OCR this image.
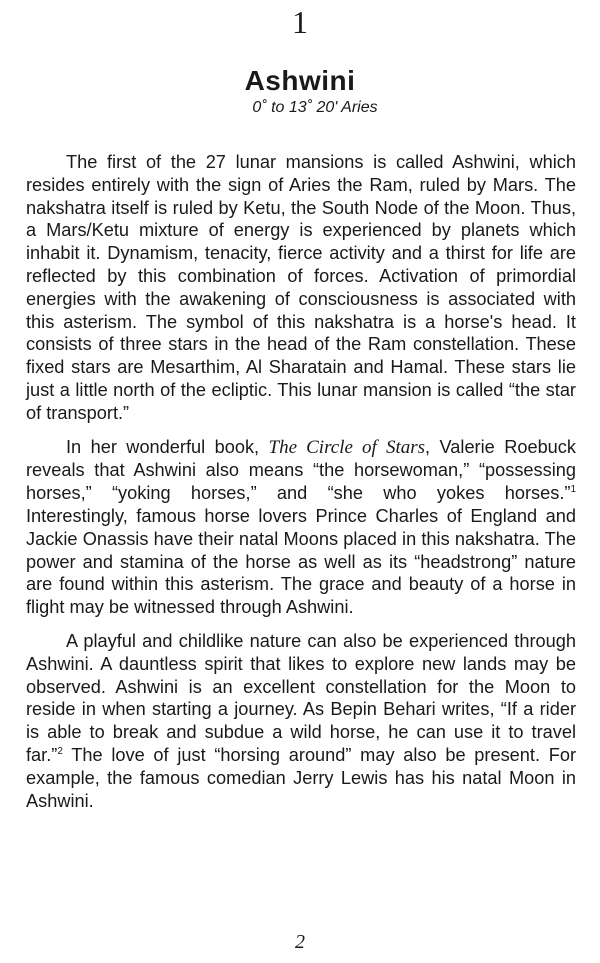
1
Ashwini
0˚ to 13˚ 20' Aries

The first of the 27 lunar mansions is called Ashwini, which resides entirely with the sign of Aries the Ram, ruled by Mars. The nakshatra itself is ruled by Ketu, the South Node of the Moon. Thus, a Mars/Ketu mixture of energy is experienced by planets which inhabit it. Dynamism, tenacity, fierce activity and a thirst for life are reflected by this combination of forces. Activation of primordial energies with the awakening of consciousness is associated with this asterism. The symbol of this nakshatra is a horse's head. It consists of three stars in the head of the Ram constellation. These fixed stars are Mesarthim, Al Sharatain and Hamal. These stars lie just a little north of the ecliptic. This lunar mansion is called “the star of transport.”

In her wonderful book, The Circle of Stars, Valerie Roebuck reveals that Ashwini also means “the horsewoman,” “possessing horses,” “yoking horses,” and “she who yokes horses.”$^1$ Interestingly, famous horse lovers Prince Charles of England and Jackie Onassis have their natal Moons placed in this nakshatra. The power and stamina of the horse as well as its “headstrong” nature are found within this asterism. The grace and beauty of a horse in flight may be witnessed through Ashwini.

A playful and childlike nature can also be experienced through Ashwini. A dauntless spirit that likes to explore new lands may be observed. Ashwini is an excellent constellation for the Moon to reside in when starting a journey. As Bepin Behari writes, “If a rider is able to break and subdue a wild horse, he can use it to travel far.”$^2$ The love of just “horsing around” may also be present. For example, the famous comedian Jerry Lewis has his natal Moon in Ashwini.

2
